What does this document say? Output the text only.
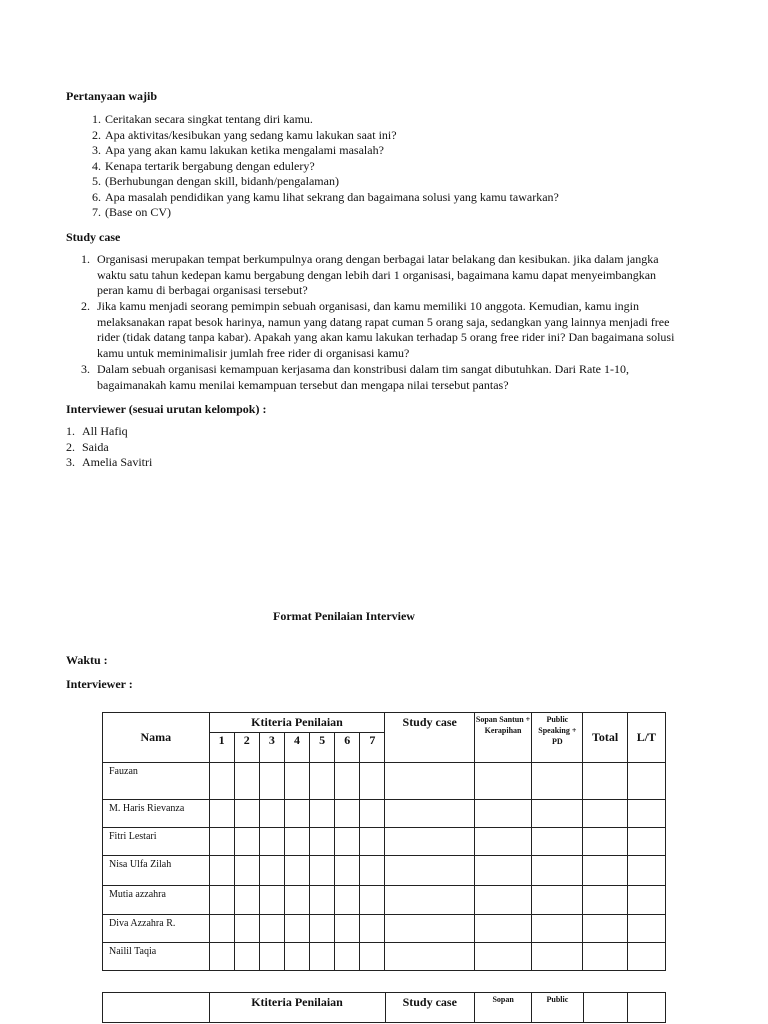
Pertanyaan wajib
1. Ceritakan secara singkat tentang diri kamu.
2. Apa aktivitas/kesibukan yang sedang kamu lakukan saat ini?
3. Apa yang akan kamu lakukan ketika mengalami masalah?
4. Kenapa tertarik bergabung dengan edulery?
5. (Berhubungan dengan skill, bidanh/pengalaman)
6. Apa masalah pendidikan yang kamu lihat sekrang dan bagaimana solusi yang kamu tawarkan?
7. (Base on CV)
Study case
1. Organisasi merupakan tempat berkumpulnya orang dengan berbagai latar belakang dan kesibukan. jika dalam jangka waktu satu tahun kedepan kamu bergabung dengan lebih dari 1 organisasi, bagaimana kamu dapat menyeimbangkan peran kamu di berbagai organisasi tersebut?
2. Jika kamu menjadi seorang pemimpin sebuah organisasi, dan kamu memiliki 10 anggota. Kemudian, kamu ingin melaksanakan rapat besok harinya, namun yang datang rapat cuman 5 orang saja, sedangkan yang lainnya menjadi free rider (tidak datang tanpa kabar). Apakah yang akan kamu lakukan terhadap 5 orang free rider ini? Dan bagaimana solusi kamu untuk meminimalisir jumlah free rider di organisasi kamu?
3. Dalam sebuah organisasi kemampuan kerjasama dan konstribusi dalam tim sangat dibutuhkan. Dari Rate 1-10, bagaimanakah kamu menilai kemampuan tersebut dan mengapa nilai tersebut pantas?
Interviewer (sesuai urutan kelompok) :
1. All Hafiq
2. Saida
3. Amelia Savitri
Format Penilaian Interview
Waktu :
Interviewer :
Nama	Ktiteria Penilaian							Study case	Sopan Santun + Kerapihan	Public Speaking + PD	Total	L/T
	1	2	3	4	5	6	7					
Fauzan												
M. Haris Rievanza												
Fitri Lestari												
Nisa Ulfa Zilah												
Mutia azzahra												
Diva Azzahra R.												
Nailil Taqia												
	Ktiteria Penilaian	Study case	Sopan	Public		
